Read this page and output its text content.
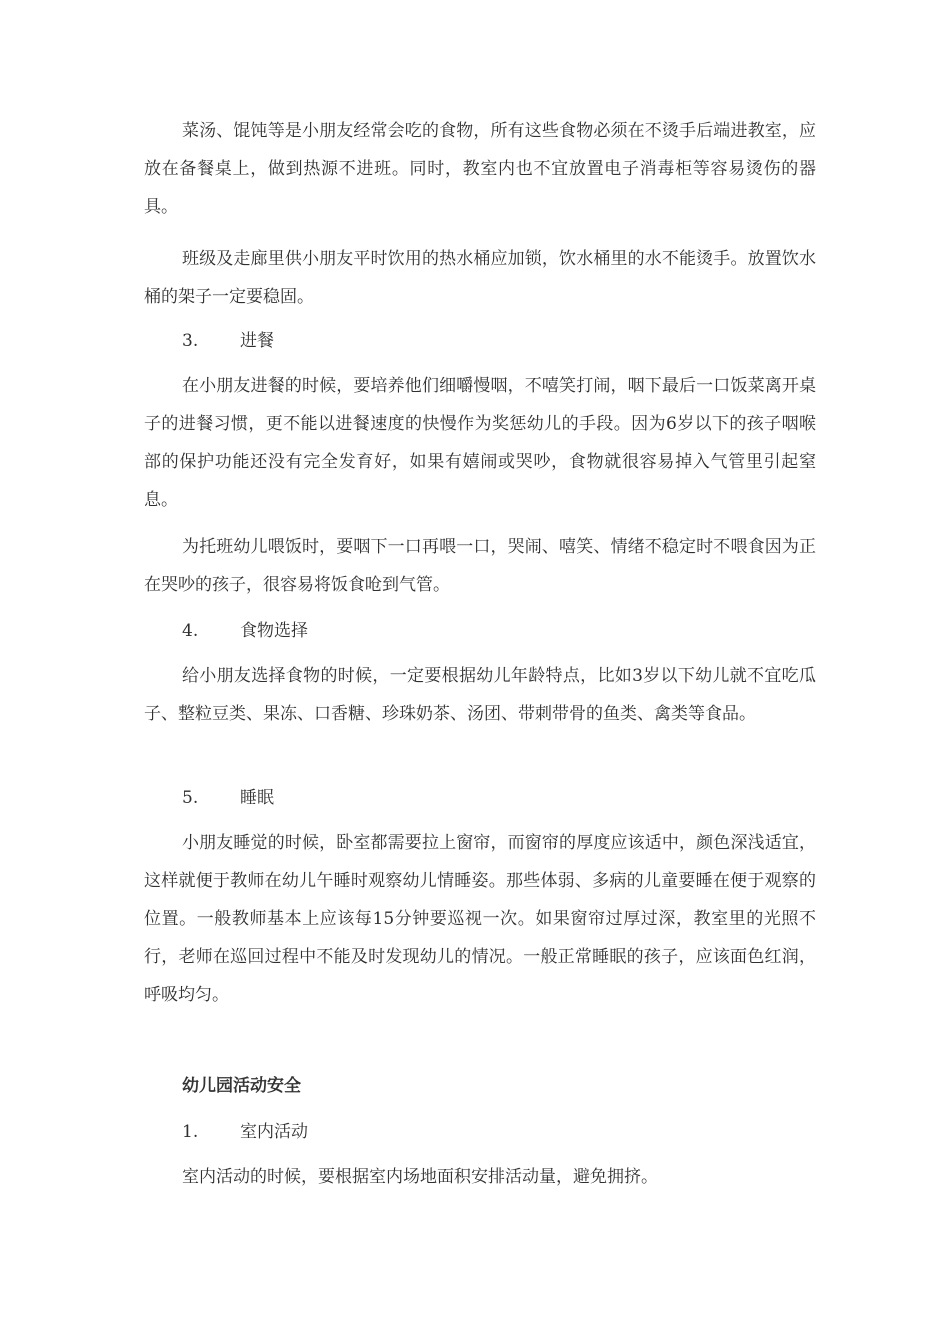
菜汤、馄饨等是小朋友经常会吃的食物，所有这些食物必须在不烫手后端进教室，应放在备餐桌上，做到热源不进班。同时，教室内也不宜放置电子消毒柜等容易烫伤的器具。

班级及走廊里供小朋友平时饮用的热水桶应加锁，饮水桶里的水不能烫手。放置饮水桶的架子一定要稳固。

3. 进餐

在小朋友进餐的时候，要培养他们细嚼慢咽，不嘻笑打闹，咽下最后一口饭菜离开桌子的进餐习惯，更不能以进餐速度的快慢作为奖惩幼儿的手段。因为6岁以下的孩子咽喉部的保护功能还没有完全发育好，如果有嬉闹或哭吵，食物就很容易掉入气管里引起窒息。

为托班幼儿喂饭时，要咽下一口再喂一口，哭闹、嘻笑、情绪不稳定时不喂食因为正在哭吵的孩子，很容易将饭食呛到气管。

4. 食物选择

给小朋友选择食物的时候，一定要根据幼儿年龄特点，比如3岁以下幼儿就不宜吃瓜子、整粒豆类、果冻、口香糖、珍珠奶茶、汤团、带刺带骨的鱼类、禽类等食品。

5. 睡眠

小朋友睡觉的时候，卧室都需要拉上窗帘，而窗帘的厚度应该适中，颜色深浅适宜，这样就便于教师在幼儿午睡时观察幼儿情睡姿。那些体弱、多病的儿童要睡在便于观察的位置。一般教师基本上应该每15分钟要巡视一次。如果窗帘过厚过深，教室里的光照不行，老师在巡回过程中不能及时发现幼儿的情况。一般正常睡眠的孩子，应该面色红润，呼吸均匀。

幼儿园活动安全

1. 室内活动

室内活动的时候，要根据室内场地面积安排活动量，避免拥挤。
